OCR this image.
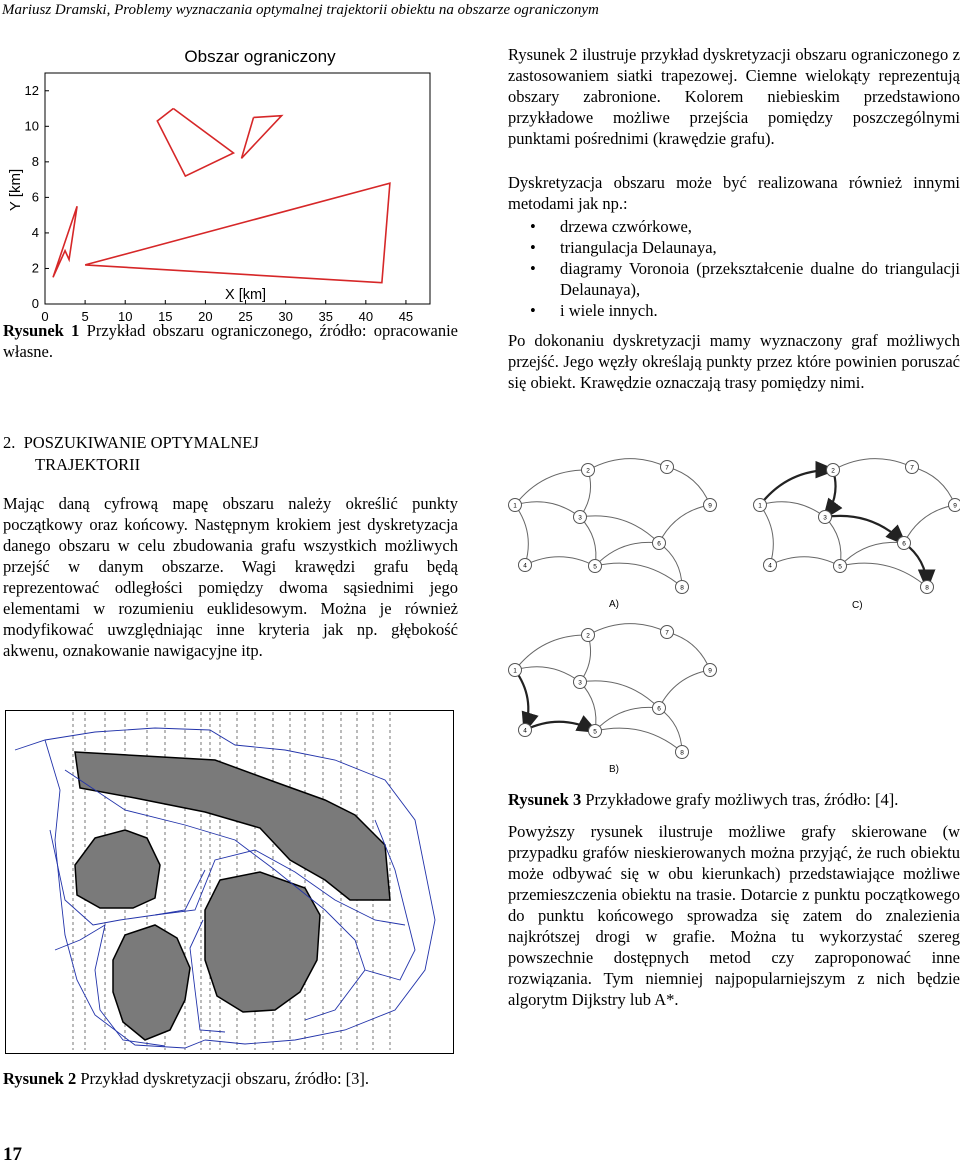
Mariusz Dramski, Problemy wyznaczania optymalnej trajektorii obiektu na obszarze ograniczonym
Obszar ograniczony
0	5 10 15 20 25 30 35 40 45
0
2
4
6
8
10
12
Y [km]
X [km]
Rysunek 1 Przykład obszaru ograniczonego, źródło: opracowanie własne.
2. POSZUKIWANIE OPTYMALNEJ
TRAJEKTORII
Mając daną cyfrową mapę obszaru należy określić punkty początkowy oraz końcowy. Następnym krokiem jest dyskretyzacja danego obszaru w celu zbudowania grafu wszystkich możliwych przejść w danym obszarze. Wagi krawędzi grafu będą reprezentować odległości pomiędzy dwoma sąsiednimi jego elementami w rozumieniu euklidesowym. Można je również modyfikować uwzględniając inne kryteria jak np. głębokość akwenu, oznakowanie nawigacyjne itp.
Rysunek 2 Przykład dyskretyzacji obszaru, źródło: [3].
Rysunek 2 ilustruje przykład dyskretyzacji obszaru ograniczonego z zastosowaniem siatki trapezowej. Ciemne wielokąty reprezentują obszary zabronione. Kolorem niebieskim przedstawiono przykładowe możliwe przejścia pomiędzy poszczególnymi punktami pośrednimi (krawędzie grafu).
Dyskretyzacja obszaru może być realizowana również innymi metodami jak np.:
• drzewa czwórkowe,
• triangulacja Delaunaya,
• diagramy Voronoia (przekształcenie dualne do triangulacji Delaunaya),
• i wiele innych.
Po dokonaniu dyskretyzacji mamy wyznaczony graf możliwych przejść. Jego węzły określają punkty przez które powinien poruszać się obiekt. Krawędzie oznaczają trasy pomiędzy nimi.
1
2	7
3
6
4	5
8
9
1
2	7
3
6
4	5
8
9
1
2	7
3
6
4	5
8
9
A)	C)
B)
Rysunek 3 Przykładowe grafy możliwych tras, źródło: [4].
Powyższy rysunek ilustruje możliwe grafy skierowane (w przypadku grafów nieskierowanych można przyjąć, że ruch obiektu może odbywać się w obu kierunkach) przedstawiające możliwe przemieszczenia obiektu na trasie. Dotarcie z punktu początkowego do punktu końcowego sprowadza się zatem do znalezienia najkrótszej drogi w grafie. Można tu wykorzystać szereg powszechnie dostępnych metod czy zaproponować inne rozwiązania. Tym niemniej najpopularniejszym z nich będzie algorytm Dijkstry lub A*.
17
